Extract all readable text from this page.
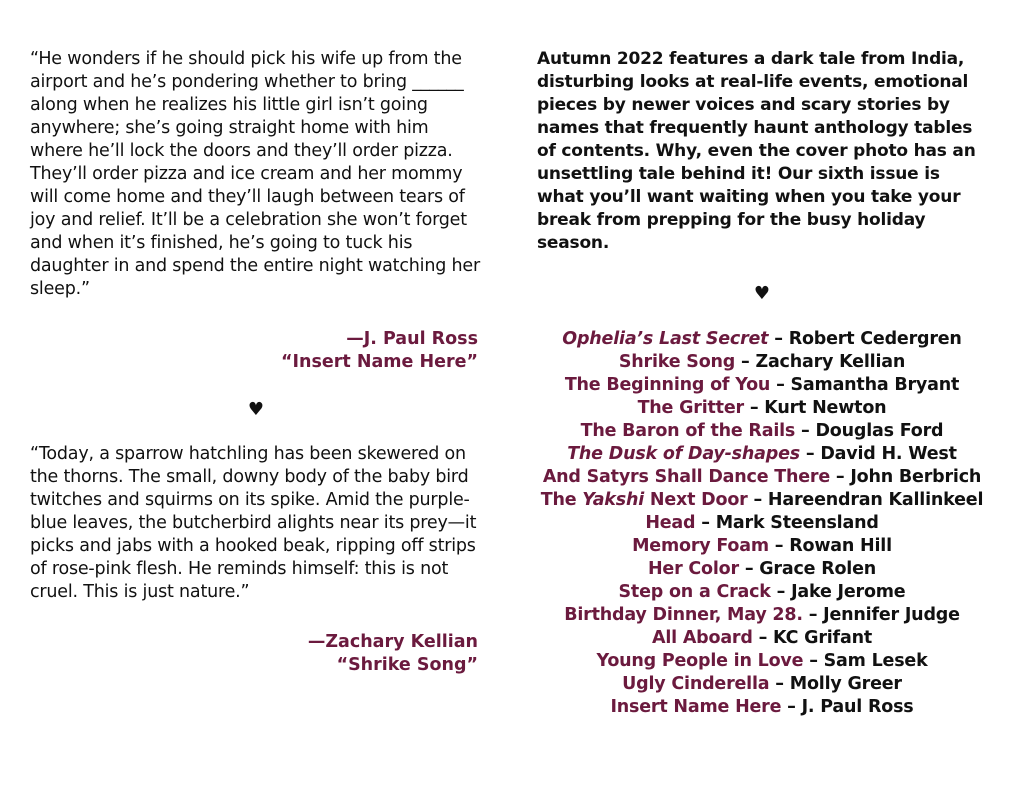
“He wonders if he should pick his wife up from the airport and he’s pondering whether to bring ______ along when he realizes his little girl isn’t going anywhere; she’s going straight home with him where he’ll lock the doors and they’ll order pizza. They’ll order pizza and ice cream and her mommy will come home and they’ll laugh between tears of joy and relief. It’ll be a celebration she won’t forget and when it’s finished, he’s going to tuck his daughter in and spend the entire night watching her sleep.”

—J. Paul Ross
“Insert Name Here”
♥

“Today, a sparrow hatchling has been skewered on the thorns. The small, downy body of the baby bird twitches and squirms on its spike. Amid the purple-blue leaves, the butcherbird alights near its prey—it picks and jabs with a hooked beak, ripping off strips of rose-pink flesh. He reminds himself: this is not cruel. This is just nature.”

—Zachary Kellian
“Shrike Song”

Autumn 2022 features a dark tale from India, disturbing looks at real-life events, emotional pieces by newer voices and scary stories by names that frequently haunt anthology tables of contents. Why, even the cover photo has an unsettling tale behind it! Our sixth issue is what you’ll want waiting when you take your break from prepping for the busy holiday season.

♥
Ophelia’s Last Secret – Robert Cedergren
Shrike Song – Zachary Kellian
The Beginning of You – Samantha Bryant
The Gritter – Kurt Newton
The Baron of the Rails – Douglas Ford
The Dusk of Day-shapes – David H. West
And Satyrs Shall Dance There – John Berbrich
The Yakshi Next Door – Hareendran Kallinkeel
Head – Mark Steensland
Memory Foam – Rowan Hill
Her Color – Grace Rolen
Step on a Crack – Jake Jerome
Birthday Dinner, May 28. – Jennifer Judge
All Aboard – KC Grifant
Young People in Love – Sam Lesek
Ugly Cinderella – Molly Greer
Insert Name Here – J. Paul Ross
